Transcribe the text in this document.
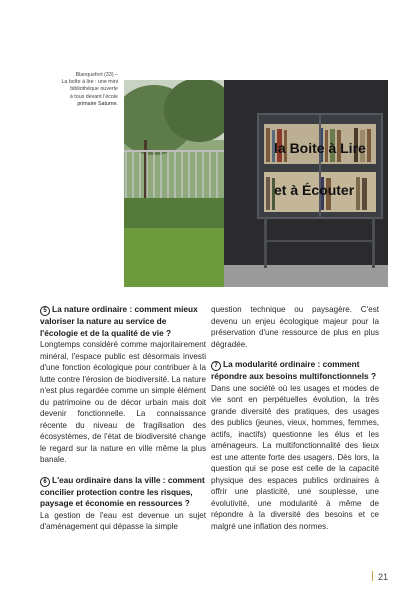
Blanquefort (33) –
La boîte à lire : une mini
bibliothèque ouverte
à tous devant l'école
primaire Saturne.
la Boite à Lire
et à Écouter
5 La nature ordinaire : comment mieux valoriser la nature au service de l'écologie et de la qualité de vie ?

Longtemps considéré comme majoritairement minéral, l'espace public est désormais investi d'une fonction écologique pour contribuer à la lutte contre l'érosion de biodiversité. La nature n'est plus regardée comme un simple élément du patrimoine ou de décor urbain mais doit devenir fonctionnelle. La connaissance récente du niveau de fragilisation des écosystèmes, de l'état de biodiversité change le regard sur la nature en ville même la plus banale.

6 L'eau ordinaire dans la ville : comment concilier protection contre les risques, paysage et économie en ressources ?

La gestion de l'eau est devenue un sujet d'aménagement qui dépasse la simple

question technique ou paysagère. C'est devenu un enjeu écologique majeur pour la préservation d'une ressource de plus en plus dégradée.

7 La modularité ordinaire : comment répondre aux besoins multifonctionnels ?

Dans une société où les usages et modes de vie sont en perpétuelles évolution, la très grande diversité des pratiques, des usages des publics (jeunes, vieux, hommes, femmes, actifs, inactifs) questionne les élus et les aménageurs. La multifonctionnalité des lieux est une attente forte des usagers. Dès lors, la question qui se pose est celle de la capacité physique des espaces publics ordinaires à offrir une plasticité, une souplesse, une évolutivité, une modularité à même de répondre à la diversité des besoins et ce malgré une inflation des normes.

21
